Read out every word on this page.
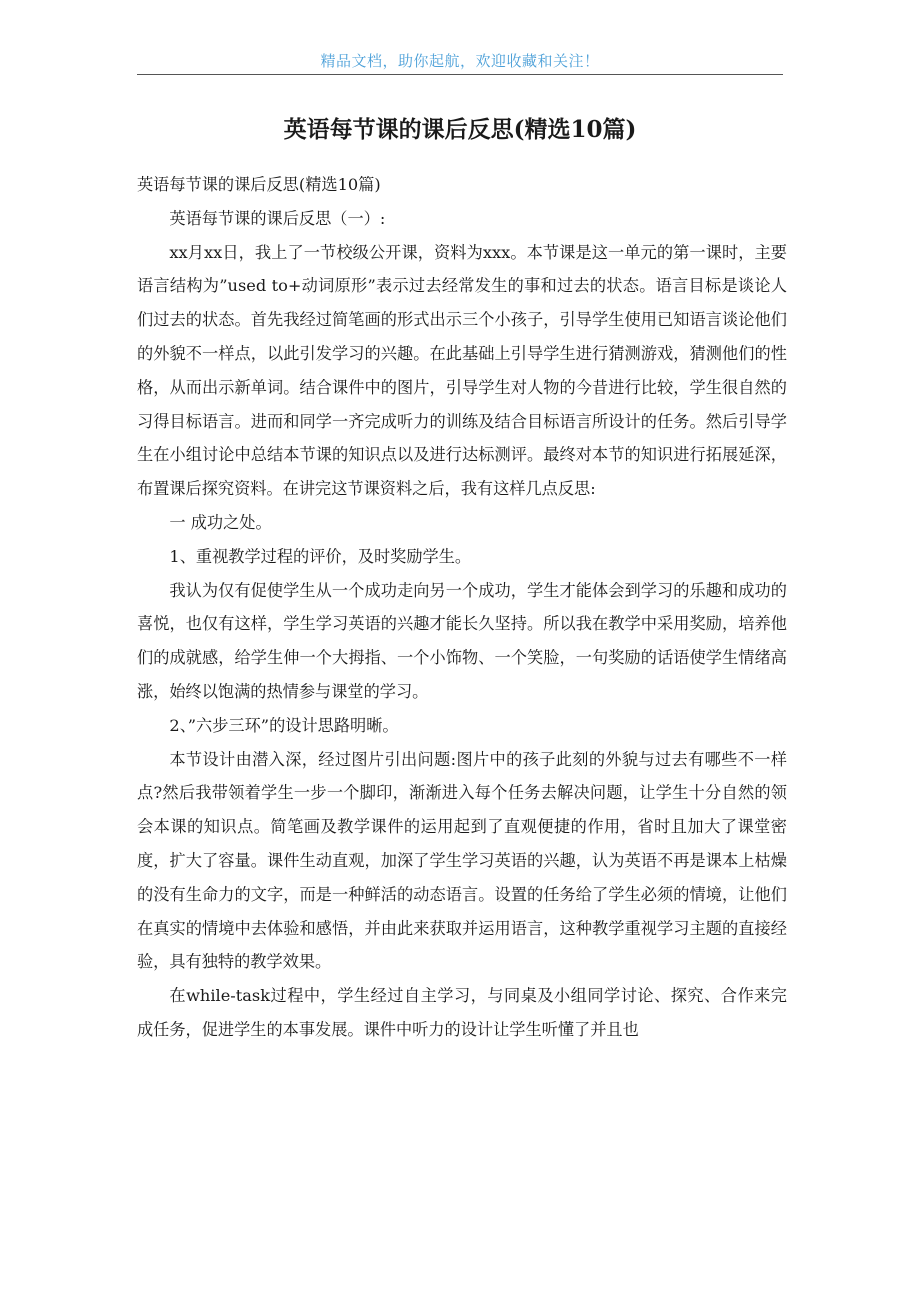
精品文档，助你起航，欢迎收藏和关注！
英语每节课的课后反思(精选10篇)

英语每节课的课后反思(精选10篇)

英语每节课的课后反思（一）:

xx月xx日，我上了一节校级公开课，资料为xxx。本节课是这一单元的第一课时，主要语言结构为”used to+动词原形”表示过去经常发生的事和过去的状态。语言目标是谈论人们过去的状态。首先我经过简笔画的形式出示三个小孩子，引导学生使用已知语言谈论他们的外貌不一样点，以此引发学习的兴趣。在此基础上引导学生进行猜测游戏，猜测他们的性格，从而出示新单词。结合课件中的图片，引导学生对人物的今昔进行比较，学生很自然的习得目标语言。进而和同学一齐完成听力的训练及结合目标语言所设计的任务。然后引导学生在小组讨论中总结本节课的知识点以及进行达标测评。最终对本节的知识进行拓展延深，布置课后探究资料。在讲完这节课资料之后，我有这样几点反思:

一 成功之处。

1、重视教学过程的评价，及时奖励学生。

我认为仅有促使学生从一个成功走向另一个成功，学生才能体会到学习的乐趣和成功的喜悦，也仅有这样，学生学习英语的兴趣才能长久坚持。所以我在教学中采用奖励，培养他们的成就感，给学生伸一个大拇指、一个小饰物、一个笑脸，一句奖励的话语使学生情绪高涨，始终以饱满的热情参与课堂的学习。

2、”六步三环”的设计思路明晰。

本节设计由潜入深，经过图片引出问题:图片中的孩子此刻的外貌与过去有哪些不一样点?然后我带领着学生一步一个脚印，渐渐进入每个任务去解决问题，让学生十分自然的领会本课的知识点。简笔画及教学课件的运用起到了直观便捷的作用，省时且加大了课堂密度，扩大了容量。课件生动直观，加深了学生学习英语的兴趣，认为英语不再是课本上枯燥的没有生命力的文字，而是一种鲜活的动态语言。设置的任务给了学生必须的情境，让他们在真实的情境中去体验和感悟，并由此来获取并运用语言，这种教学重视学习主题的直接经验，具有独特的教学效果。

在while-task过程中，学生经过自主学习，与同桌及小组同学讨论、探究、合作来完成任务，促进学生的本事发展。课件中听力的设计让学生听懂了并且也
